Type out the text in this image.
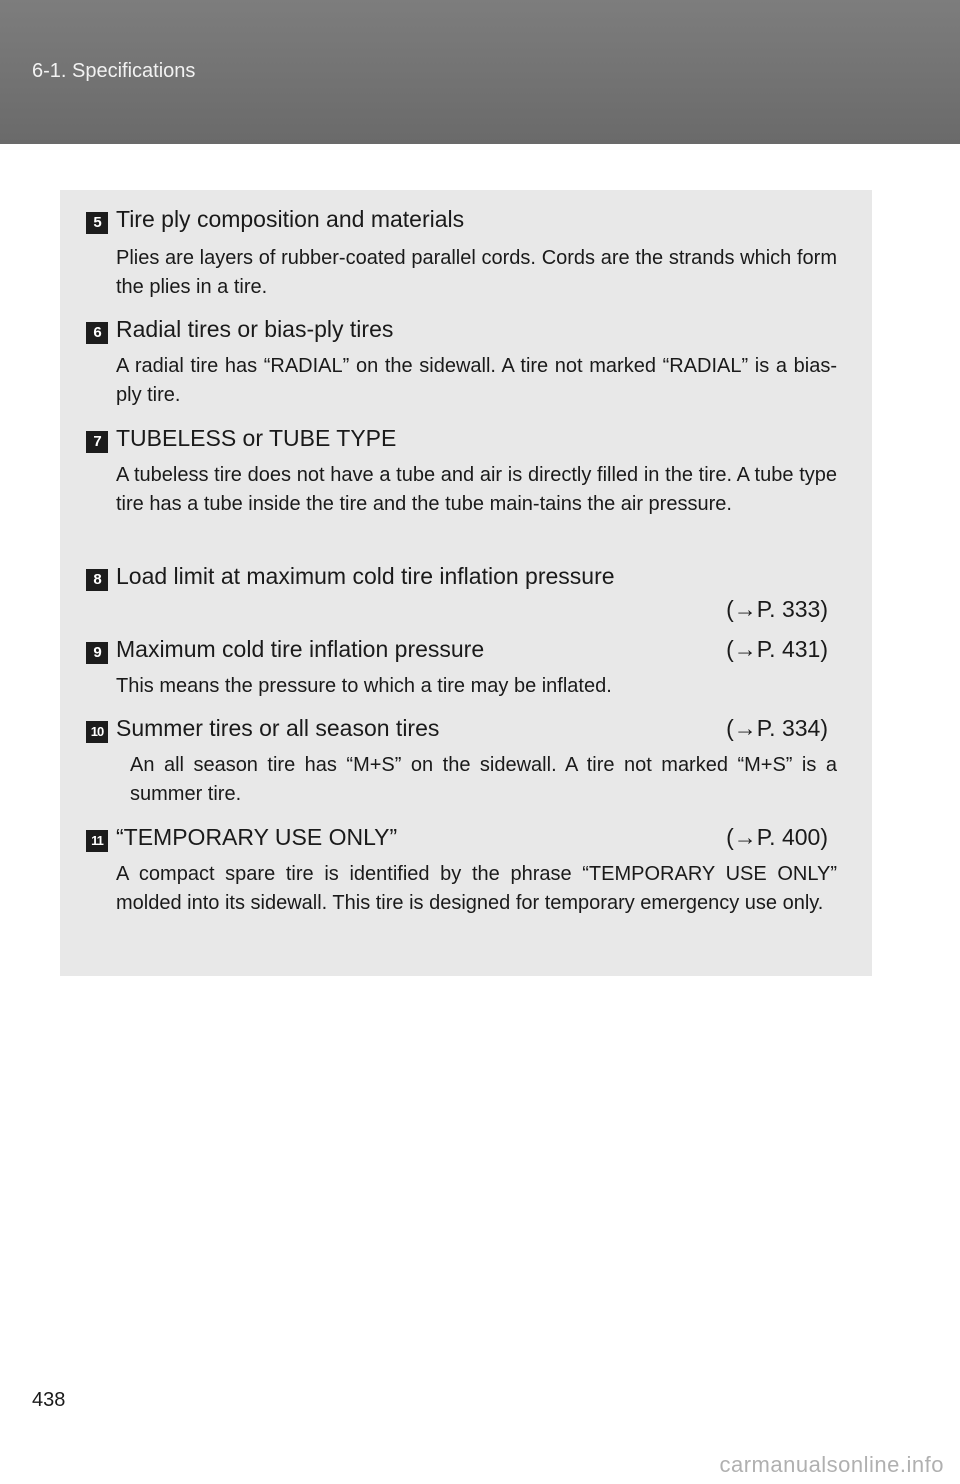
6-1. Specifications
5 Tire ply composition and materials
Plies are layers of rubber-coated parallel cords. Cords are the strands which form the plies in a tire.
6 Radial tires or bias-ply tires
A radial tire has “RADIAL” on the sidewall. A tire not marked “RADIAL” is a bias-ply tire.
7 TUBELESS or TUBE TYPE
A tubeless tire does not have a tube and air is directly filled in the tire. A tube type tire has a tube inside the tire and the tube main-tains the air pressure.
8 Load limit at maximum cold tire inflation pressure
(→P. 333)
9 Maximum cold tire inflation pressure	(→P. 431)
This means the pressure to which a tire may be inflated.
10 Summer tires or all season tires	(→P. 334)
An all season tire has “M+S” on the sidewall. A tire not marked “M+S” is a summer tire.
11 “TEMPORARY USE ONLY”	(→P. 400)
A compact spare tire is identified by the phrase “TEMPORARY USE ONLY” molded into its sidewall. This tire is designed for temporary emergency use only.
438
carmanualsonline.info
